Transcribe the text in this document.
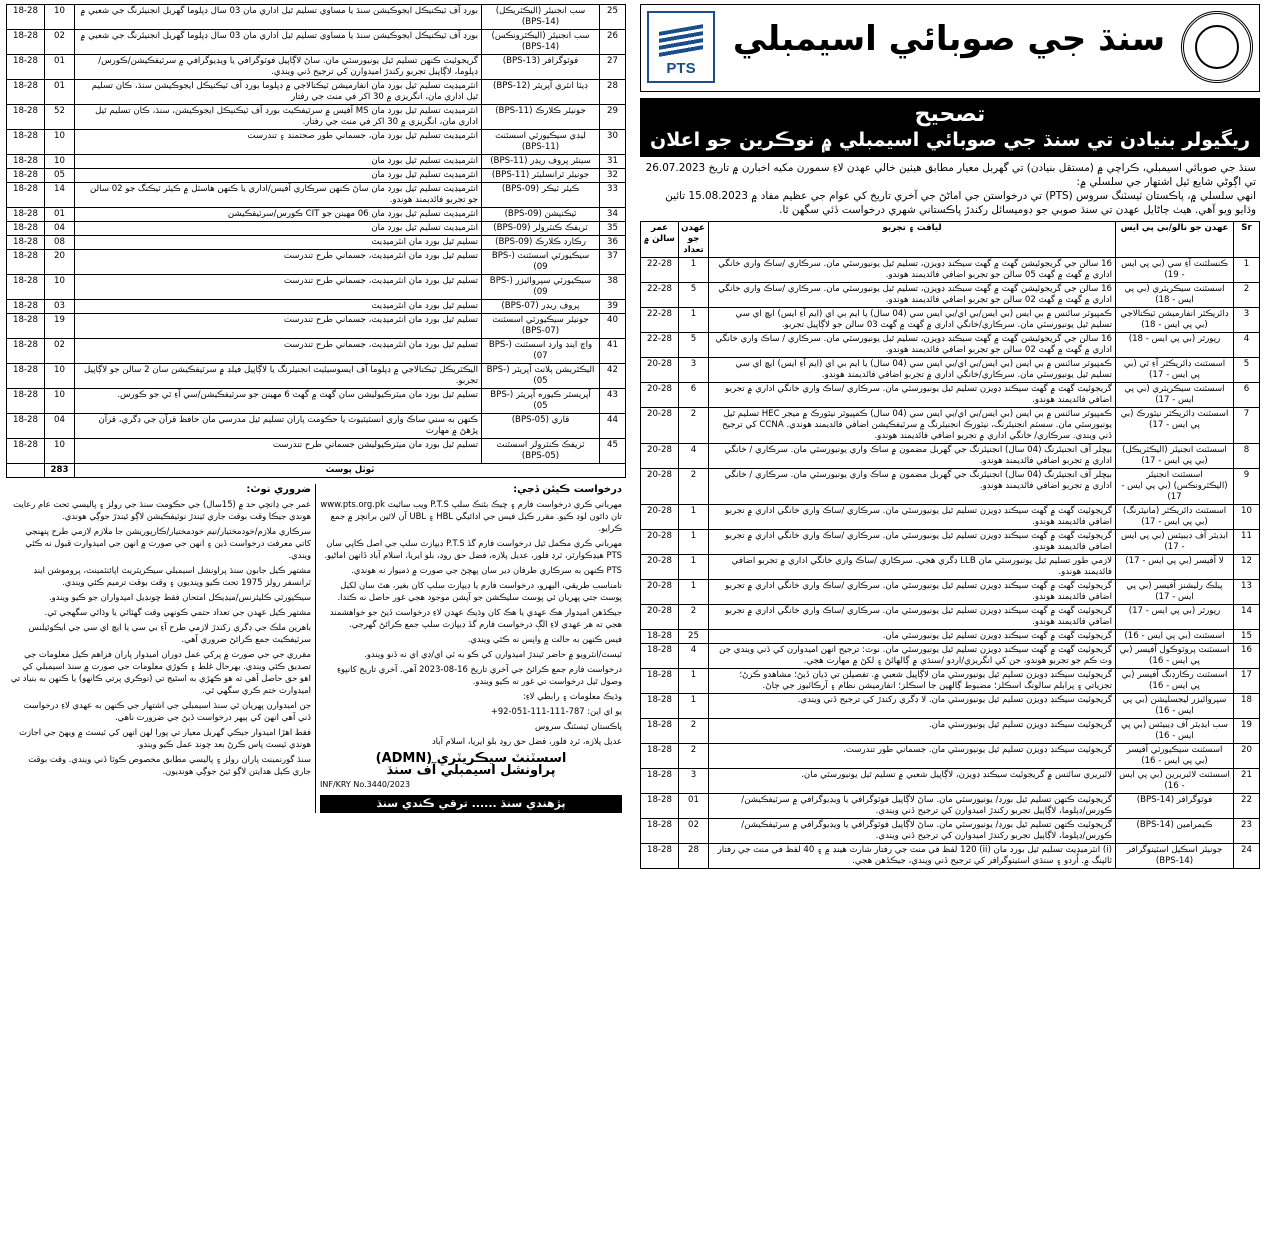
25	سب انجنيئر (اليڪٽريڪل) (BPS-14)	بورڊ آف ٽيڪنيڪل ايجوڪيشن سنڌ يا مساوي تسليم ٿيل اداري مان 03 سال ڊپلوما گهربل انجنيئرنگ جي شعبي ۾	10	18-28
26	سب انجنيئر (اليڪٽرونڪس) (BPS-14)	بورڊ آف ٽيڪنيڪل ايجوڪيشن سنڌ يا مساوي تسليم ٿيل اداري مان 03 سال ڊپلوما گهربل انجنيئرنگ جي شعبي ۾	02	18-28
27	فوٽوگرافر (BPS-13)	گريجوئيٽ ڪنهن تسليم ٿيل يونيورسٽي مان. ساڻ لاڳاپيل فوٽوگرافي يا ويڊيوگرافي ۾ سرٽيفڪيشن/ڪورس/ڊپلوما، لاڳاپيل تجربو رکندڙ اميدوارن کي ترجيح ڏني ويندي.	01	18-28
28	ڊيٽا انٽري آپريٽر (BPS-12)	انٽرميڊيٽ تسليم ٿيل بورڊ مان انفارميشن ٽيڪنالاجي ۾ ڊپلوما بورڊ آف ٽيڪنيڪل ايجوڪيشن سنڌ، ڪان تسليم ٿيل اداري مان، انگريزي ۾ 30 اکر في منٽ جي رفتار	01	18-28
29	جونيئر ڪلارڪ (BPS-11)	انٽرميڊيٽ تسليم ٿيل بورڊ مان MS آفيس ۾ سرٽيفڪيٽ بورڊ آف ٽيڪنيڪل ايجوڪيشن، سنڌ، ڪان تسليم ٿيل اداري مان، انگريزي ۾ 30 اکر في منٽ جي رفتار.	52	18-28
30	ليڊي سيڪيورٽي اسسٽنٽ (BPS-11)	انٽرميڊيٽ تسليم ٿيل بورڊ مان، جسماني طور صحتمند ۽ تندرست	10	18-28
31	سينئر پروف ريڊر (BPS-11)	انٽرميڊيٽ تسليم ٿيل بورڊ مان	10	18-28
32	جونيئر ٽرانسليٽر (BPS-11)	انٽرميڊيٽ تسليم ٿيل بورڊ مان	05	18-28
33	ڪيئر ٽيڪر (BPS-09)	انٽرميڊيٽ تسليم ٿيل بورڊ مان ساڻ ڪنهن سرڪاري آفيس/اداري يا ڪنهن هاسٽل ۾ ڪيئر ٽيڪنگ جو 02 سالن جو تجربو فائديمند هوندو.	14	18-28
34	ٽيڪنيشن (BPS-09)	انٽرميڊيٽ تسليم ٿيل بورڊ مان 06 مهينن جو CIT ڪورس/سرٽيفڪيشن	01	18-28
35	ٽريفڪ ڪنٽرولر (BPS-09)	انٽرميڊيٽ تسليم ٿيل بورڊ مان	04	18-28
36	رڪارڊ ڪلارڪ (BPS-09)	تسليم ٿيل بورڊ مان انٽرميڊيٽ	08	18-28
37	سيڪيورٽي اسسٽنٽ (BPS-09)	تسليم ٿيل بورڊ مان انٽرميڊيٽ، جسماني طرح تندرست	20	18-28
38	سيڪيورٽي سپروائيزر (BPS-09)	تسليم ٿيل بورڊ مان انٽرميڊيٽ، جسماني طرح تندرست	10	18-28
39	پروف ريڊر (BPS-07)	تسليم ٿيل بورڊ مان انٽرميڊيٽ	03	18-28
40	جونيئر سيڪيورٽي اسسٽنٽ (BPS-07)	تسليم ٿيل بورڊ مان انٽرميڊيٽ، جسماني طرح تندرست	19	18-28
41	واچ اينڊ وارڊ اسسٽنٽ (BPS-07)	تسليم ٿيل بورڊ مان انٽرميڊيٽ، جسماني طرح تندرست	02	18-28
42	اليڪٽريشن پلانٽ آپريٽر (BPS-05)	اليڪٽريڪل ٽيڪنالاجي ۾ ڊپلوما آف ايسوسيئيٽ انجنيئرنگ يا لاڳاپيل فيلڊ ۾ سرٽيفڪيشن سان 2 سالن جو لاڳاپيل تجربو.	10	18-28
43	آپريسٽر ڪيوره آپريٽر (BPS-05)	تسليم ٿيل بورڊ مان ميٽرڪيوليشن سان گهٽ ۾ گهٽ 6 مهينن جو سرٽيفڪيشن/سي آءِ ٽي جو ڪورس.	10	18-28
44	قاري (BPS-05)	ڪنهن به سني ساڪ واري انسٽيٽيوٽ يا حڪومت پاران تسليم ٿيل مدرسي مان حافظ قرآن جي ڊگري، قرآن پڙهڻ ۾ مهارت	04	18-28
45	ٽريفڪ ڪنٽرولر اسسٽنٽ (BPS-05)	تسليم ٿيل بورڊ مان ميٽرڪيوليشن جسماني طرح تندرست	10	18-28
ٽوٽل پوسٽ			283	
درخواست ڪيئن ڏجي:

مهرباني ڪري درخواست فارم ۽ چيڪ بئنڪ سلپ P.T.S ويب سائيٽ www.pts.org.pk تان ڊائون لوڊ ڪيو. مقرر ڪيل فيس جي ادائيگي HBL ۽ UBL آن لائين برانچز ۾ جمع ڪرايو.

مهرباني ڪري مڪمل ٿيل درخواست فارم گڏ P.T.S ڊيپازٽ سلپ جي اصل ڪاپي سان PTS هيڊڪوارٽر، ٽرڊ فلور، عديل پلازه، فضل حق روڊ، بلو ايريا، اسلام آباد ڏانهن اماڻيو.

PTS ڪنهن به سرڪاري طرفان دير سان پهچڻ جي صورت ۾ ذميوار نه هوندي.

نامناسب طريقي، اليهرو، درخواست فارم يا ڊيپازٽ سلپ کان بغير، هٿ سان لکيل پوسٽ جتي پهريان ئي پوسٽ سليڪشن جو آپشن موجود هجي غور حاصل نه ڪندا.

جيڪڏهن اميدوار هڪ عهدي يا هڪ کان وڌيڪ عهدن لاءِ درخواست ڏيڻ جو خواهشمند هجي ته هر عهدي لاءِ الڳ درخواست فارم گڏ ڊيپازٽ سلپ جمع ڪرائڻ گهرجي.

فيس ڪنهن به حالت ۾ واپس نه ڪئي ويندي.

ٽيسٽ/انٽرويو ۾ حاضر ٿيندڙ اميدوارن کي ڪو به ٽي اي/ڊي اي نه ڏنو ويندو.

درخواست فارم جمع ڪرائڻ جي آخري تاريخ 16-08-2023 آهي. آخري تاريخ کانپوءِ وصول ٿيل درخواست تي غور نه ڪيو ويندو.

وڌيڪ معلومات ۽ رابطي لاءِ:

يو اي اين: 787-111-111-051-92+

پاڪستان ٽيسٽنگ سروس

عديل پلازه، ٽرڊ فلور، فضل حق روڊ بلو ايريا، اسلام آباد

اسسٽنٽ سيڪريٽري (ADMN)
پراونشل اسيمبلي آف سنڌ
INF/KRY No.3440/2023
پڙهندي سنڌ ...... ترقي ڪندي سنڌ
ضروري نوٽ:

عمر جي ڍانچي حد ۾ (15سال) جي حڪومت سنڌ جي رولز ۽ پاليسي تحت عام رعايت هوندي جيڪا وقت بوقت جاري ٿيندڙ نوٽيفڪيشن لاڳو ٿيندڙ جوڳي هوندي.

سرڪاري ملازم/خودمختيار/نيم خودمختيار/ڪارپوريشن جا ملازم لازمي طرح پنهنجي کاتي معرفت درخواست ڏين ۽ انهن جي صورت ۾ انهن جي اميدوارت قبول نه ڪئي ويندي.

مشتهر ڪيل جابون سنڌ پراونشل اسيمبلي سيڪريٽريٽ اپائنٽمينٽ، پروموشن اينڊ ٽرانسفر رولز 1975 تحت ڪيو وينديون ۽ وقت بوقت ترميم ڪئي ويندي.

سيڪيورٽي ڪليئرنس/ميڊيڪل امتحان فقط چونڊيل اميدواران جو ڪيو ويندو.

مشتهر ڪيل عهدن جي تعداد حتمي ڪونهي وقت گهٽائي يا وڌائي سگهجي ٿي.

باهرين ملڪ جي ڊگري رکندڙ لازمي طرح آءِ بي سي يا ايڇ اي سي جي ايڪوئيلنس سرٽيفڪيٽ جمع ڪرائڻ ضروري آهي.

مقرري جي جي صورت ۾ پرکي عمل دوران اميدوار پاران فراهم ڪيل معلومات جي تصديق ڪئي ويندي. بهرحال غلط ۽ ڪوڙي معلومات جي صورت ۾ سنڌ اسيمبلي کي اهو حق حاصل آهي ته هو ڪهڙي به اسٽيج تي (نوڪري پرتي ڪانهو) يا ڪنهن به بنياد تي اميدوارت ختم ڪري سگهي ٿي.

جن اميدوارن پهريان ئي سنڌ اسيمبلي جي اشتهار جي ڪنهن به عهدي لاءِ درخواست ڏني آهي انهن کي ٻيهر درخواست ڏيڻ جي ضرورت ناهي.

فقط اهڙا اميدوار جيڪي گهربل معيار تي پورا لهن انهن کي ٽيسٽ ۾ ويهڻ جي اجازت هوندي ٽيسٽ پاس ڪرڻ بعد چونڊ عمل ڪيو ويندو.

سنڌ گورنمينٽ پاران رولز ۽ پاليسي مطابق مخصوص ڪوٽا ڏني ويندي. وقت بوقت جاري ڪيل هدايتن لاڳو ٿيڻ جوڳي هونديون.

PTS
سنڌ جي صوبائي اسيمبلي
تصحيح
ريگيولر بنيادن تي سنڌ جي صوبائي اسيمبلي ۾ نوڪرين جو اعلان
سنڌ جي صوبائي اسيمبلي، ڪراچي ۾ (مستقل بنيادن) تي گهربل معيار مطابق هيٺين خالي عهدن لاءِ سمورن مکيه اخبارن ۾ تاريخ 26.07.2023 تي اڳوڻي شايع ٿيل اشتهار جي سلسلي ۾:
انهي سلسلي ۾، پاڪستان ٽيسٽنگ سروس (PTS) تي درخواستن جي اماڻڻ جي آخري تاريخ کي عوام جي عظيم مفاد ۾ 15.08.2023 تائين وڌايو ويو آهي. هيٺ ڄاڻايل عهدن تي سنڌ صوبي جو ڊوميسائل رکندڙ پاڪستاني شهري درخواست ڏئي سگهن ٿا.
Sr	عهدن جو نالو/بي پي ايس	لياقت ۽ تجربو	عهدن جو تعداد	عمر سالن ۾
1	ڪنسلٽنٽ آءِ سي (بي پي ايس - 19)	16 سالن جي گريجوئيشن گهٽ ۾ گهٽ سيڪنڊ ڊويزن، تسليم ٿيل يونيورسٽي مان. سرڪاري /ساڪ واري خانگي اداري ۾ گهٽ ۾ گهٽ 05 سالن جو تجربو اضافي فائديمند هوندو.	1	22-28
2	اسسٽنٽ سيڪريٽري (بي پي ايس - 18)	16 سالن جي گريجوئيشن گهٽ ۾ گهٽ سيڪنڊ ڊويزن، تسليم ٿيل يونيورسٽي مان. سرڪاري /ساڪ واري خانگي اداري ۾ گهٽ ۾ گهٽ 02 سالن جو تجربو اضافي فائديمند هوندو.	5	22-28
3	ڊائريڪٽر انفارميشن ٽيڪنالاجي (بي پي ايس - 18)	ڪمپيوٽر سائنس ۾ بي ايس (بي ايس/بي اي/بي ايس سي (04 سال) يا ايم بي اي (ايم آءِ ايس) ايڇ اي سي تسليم ٿيل يونيورسٽي مان. سرڪاري/خانگي اداري ۾ گهٽ ۾ گهٽ 03 سالن جو لاڳاپيل تجربو.	1	22-28
4	رپورٽر (بي پي ايس - 18)	16 سالن جي گريجوئيشن گهٽ ۾ گهٽ سيڪنڊ ڊويزن، تسليم ٿيل يونيورسٽي مان. سرڪاري / ساڪ واري خانگي اداري ۾ گهٽ ۾ گهٽ 02 سالن جو تجربو اضافي فائديمند هوندو.	5	22-28
5	اسسٽنٽ ڊائريڪٽر آءِ ٽي (بي پي ايس - 17)	ڪمپيوٽر سائنس ۾ بي ايس (بي ايس/بي اي/بي ايس سي (04 سال) يا ايم بي اي (ايم آءِ ايس) ايڇ اي سي تسليم ٿيل يونيورسٽي مان. سرڪاري/خانگي اداري ۾ تجربو اضافي فائديمند هوندو.	3	20-28
6	اسسٽنٽ سيڪريٽري (بي پي ايس - 17)	گريجوئيٽ گهٽ ۾ گهٽ سيڪنڊ ڊويزن تسليم ٿيل يونيورسٽي مان. سرڪاري /ساڪ واري خانگي اداري ۾ تجربو اضافي فائديمند هوندو.	6	20-28
7	اسسٽنٽ ڊائريڪٽر نيٽورڪ (بي پي ايس - 17)	ڪمپيوٽر سائنس ۾ بي ايس (بي ايس/بي اي/بي ايس سي (04 سال) ڪمپيوٽر نيٽورڪ ۾ ميجر HEC تسليم ٿيل يونيورسٽي مان. سسٽم انجنيئرنگ، نيٽورڪ انجنيئرنگ ۾ سرٽيفڪيشن اضافي فائديمند هوندي. CCNA کي ترجيح ڏني ويندي. سرڪاري/ خانگي اداري ۾ تجربو اضافي فائديمند هوندو.	2	20-28
8	اسسٽنٽ انجنيئر (اليڪٽريڪل) (بي پي ايس - 17)	بيچلر آف انجنيئرنگ (04 سال) انجنيئرنگ جي گهربل مضمون ۾ ساڪ واري يونيورسٽي مان. سرڪاري / خانگي اداري ۾ تجربو اضافي فائديمند هوندو.	4	20-28
9	اسسٽنٽ انجنيئر (اليڪٽرونڪس) (بي پي ايس - 17)	بيچلر آف انجنيئرنگ (04 سال) انجنيئرنگ جي گهربل مضمون ۾ ساڪ واري يونيورسٽي مان. سرڪاري / خانگي اداري ۾ تجربو اضافي فائديمند هوندو.	2	20-28
10	اسسٽنٽ ڊائريڪٽر (مانيٽرنگ) (بي پي ايس - 17)	گريجوئيٽ گهٽ ۾ گهٽ سيڪنڊ ڊويزن تسليم ٿيل يونيورسٽي مان. سرڪاري /ساڪ واري خانگي اداري ۾ تجربو اضافي فائديمند هوندو.	1	20-28
11	ايڊيٽر آف ڊيبيٽس (بي پي ايس - 17)	گريجوئيٽ گهٽ ۾ گهٽ سيڪنڊ ڊويزن تسليم ٿيل يونيورسٽي مان. سرڪاري /ساڪ واري خانگي اداري ۾ تجربو اضافي فائديمند هوندو.	1	20-28
12	لا آفيسر (بي پي ايس - 17)	لازمي طور تسليم ٿيل يونيورسٽي مان LLB ڊگري هجي. سرڪاري /ساڪ واري خانگي اداري ۾ تجربو اضافي فائديمند هوندو.	1	20-28
13	پبلڪ رليشنز آفيسر (بي پي ايس - 17)	گريجوئيٽ گهٽ ۾ گهٽ سيڪنڊ ڊويزن تسليم ٿيل يونيورسٽي مان. سرڪاري /ساڪ واري خانگي اداري ۾ تجربو اضافي فائديمند هوندو.	1	20-28
14	رپورٽر (بي پي ايس - 17)	گريجوئيٽ گهٽ ۾ گهٽ سيڪنڊ ڊويزن تسليم ٿيل يونيورسٽي مان. سرڪاري /ساڪ واري خانگي اداري ۾ تجربو اضافي فائديمند هوندو.	2	20-28
15	اسسٽنٽ (بي پي ايس - 16)	گريجوئيٽ گهٽ ۾ گهٽ سيڪنڊ ڊويزن تسليم ٿيل يونيورسٽي مان.	25	18-28
16	اسسٽنٽ پروٽوڪول آفيسر (بي پي ايس - 16)	گريجوئيٽ گهٽ ۾ گهٽ سيڪنڊ ڊويزن تسليم ٿيل يونيورسٽي مان. نوٽ: ترجيح انهن اميدوارن کي ڏني ويندي جن وٽ ڪم جو تجربو هوندو، جن کي انگريزي/اردو /سنڌي ۾ ڳالهائڻ ۽ لکڻ ۾ مهارت هجي.	4	18-28
17	اسسٽنٽ رڪارڊنگ آفيسر (بي پي ايس - 16)	گريجوئيٽ سيڪنڊ ڊويزن تسليم ٿيل يونيورسٽي مان لاڳاپيل شعبي ۾. تفصيلن تي ڌيان ڏيڻ؛ مشاهدو ڪرڻ؛ تجزياتي ۽ پرابلم سالونگ اسڪلز؛ مضبوط ڳالهين جا اسڪلز؛ انفارميشن نظام ۽ آرڪائيوز جي ڄاڻ.	1	18-28
18	سپروائيزر ليجسليشن (بي پي ايس - 16)	گريجوئيٽ سيڪنڊ ڊويزن تسليم ٿيل يونيورسٽي مان. لا ڊگري رکندڙ کي ترجيح ڏني ويندي.	1	18-28
19	سب ايڊيٽر آف ڊيبيٽس (بي پي ايس - 16)	گريجوئيٽ سيڪنڊ ڊويزن تسليم ٿيل يونيورسٽي مان.	2	18-28
20	اسسٽنٽ سيڪيورٽي آفيسر (بي پي ايس - 16)	گريجوئيٽ سيڪنڊ ڊويزن تسليم ٿيل يونيورسٽي مان. جسماني طور تندرست.	2	18-28
21	اسسٽنٽ لائبريرين (بي پي ايس - 16)	لائبريري سائنس ۾ گريجوئيٽ سيڪنڊ ڊويزن، لاڳاپيل شعبي ۾ تسليم ٿيل يونيورسٽي مان.	3	18-28
22	فوٽوگرافر (BPS-14)	گريجوئيٽ ڪنهن تسليم ٿيل بورڊ/ يونيورسٽي مان. ساڻ لاڳاپيل فوٽوگرافي يا ويڊيوگرافي ۾ سرٽيفڪيشن/ڪورس/ڊپلوما، لاڳاپيل تجربو رکندڙ اميدوارن کي ترجيح ڏني ويندي.	01	18-28
23	ڪيمرامين (BPS-14)	گريجوئيٽ ڪنهن تسليم ٿيل بورڊ/ يونيورسٽي مان. ساڻ لاڳاپيل فوٽوگرافي يا ويڊيوگرافي ۾ سرٽيفڪيشن/ڪورس/ڊپلوما، لاڳاپيل تجربو رکندڙ اميدوارن کي ترجيح ڏني ويندي.	02	18-28
24	جونيئر اسڪيل اسٽينوگرافر (BPS-14)	(i) انٽرميڊيٽ تسليم ٿيل بورڊ مان (ii) 120 لفظ في منٽ جي رفتار شارٽ هينڊ ۾ ۽ 40 لفظ في منٽ جي رفتار ٽائپنگ ۾. اُردو ۽ سنڌي اسٽينوگرافر کي ترجيح ڏني ويندي، جيڪڏهن هجي.	28	18-28
